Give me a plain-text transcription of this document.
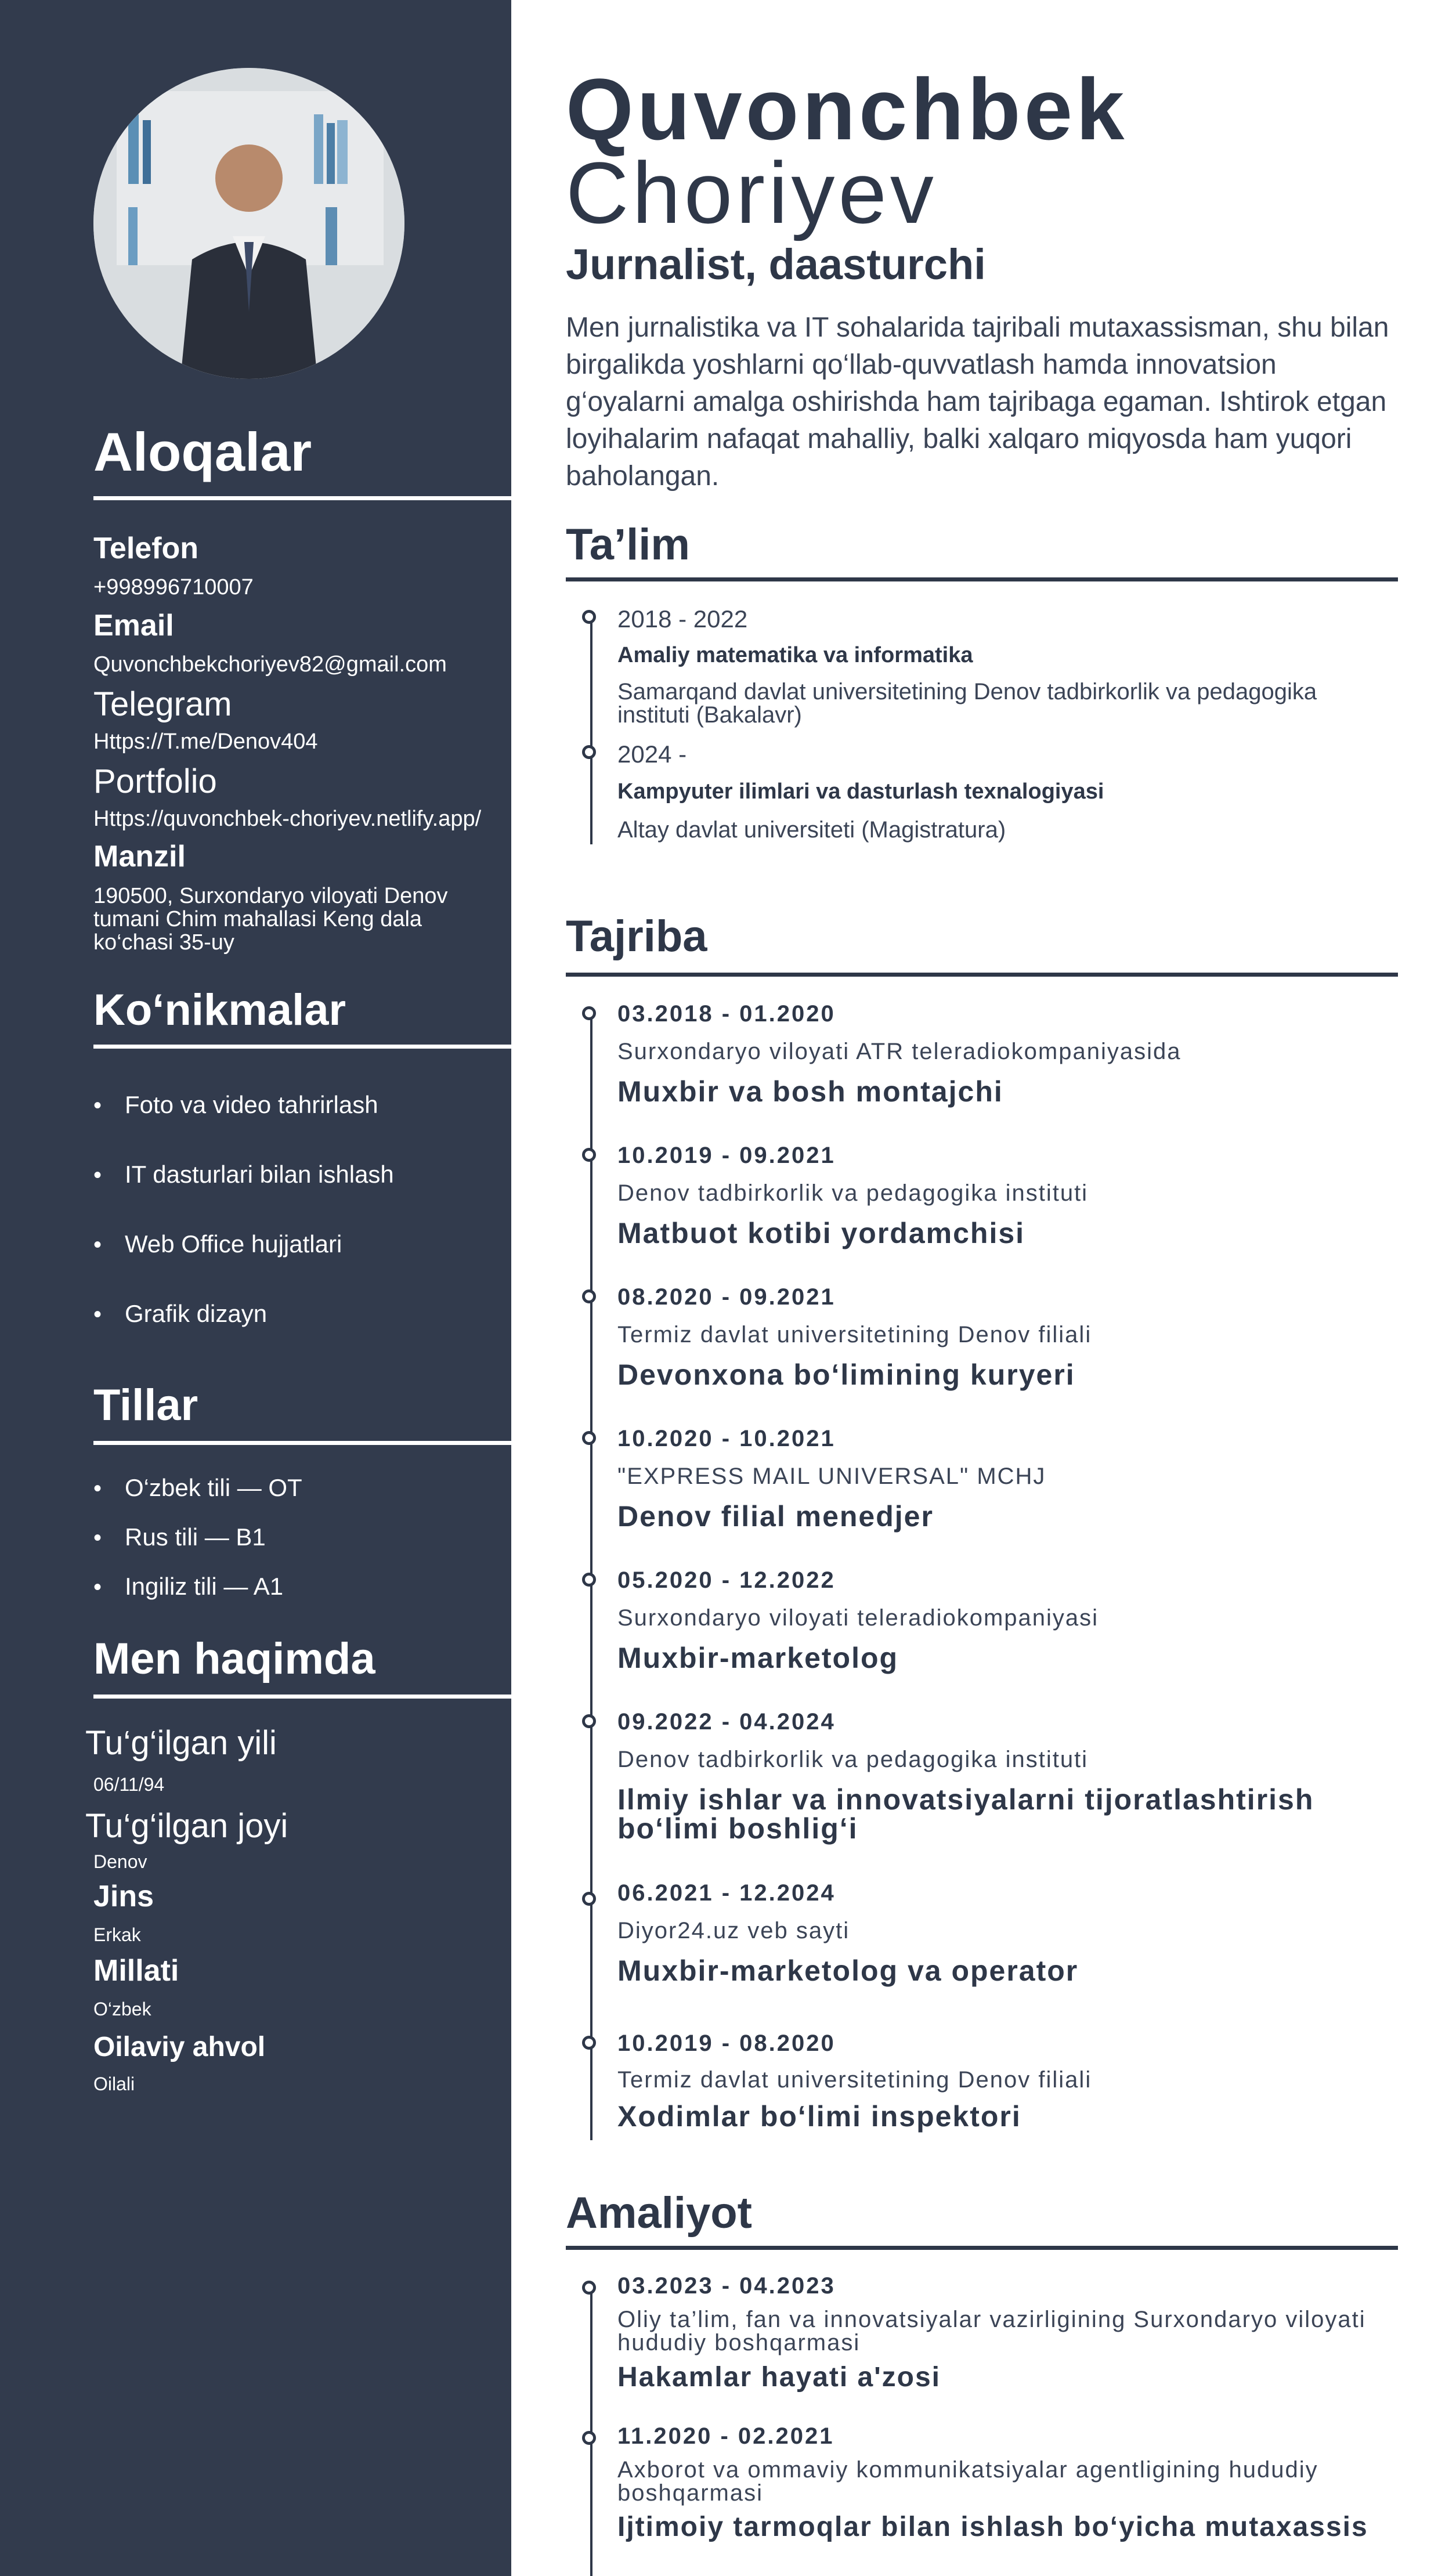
Aloqalar
Telefon
+998996710007
Email
Quvonchbekchoriyev82@gmail.com
Telegram
Https://T.me/Denov404
Portfolio
Https://quvonchbek-choriyev.netlify.app/
Manzil
190500, Surxondaryo viloyati Denov tumani Chim mahallasi Keng dala ko‘chasi 35-uy
Ko‘nikmalar
• Foto va video tahrirlash
• IT dasturlari bilan ishlash
• Web Office hujjatlari
• Grafik dizayn
Tillar
• O‘zbek tili — OT
• Rus tili — B1
• Ingiliz tili — A1
Men haqimda
Tu‘g‘ilgan yili
06/11/94
Tu‘g‘ilgan joyi
Denov
Jins
Erkak
Millati
O‘zbek
Oilaviy ahvol
Oilali
Quvonchbek
Choriyev
Jurnalist, daasturchi
Men jurnalistika va IT sohalarida tajribali mutaxassisman, shu bilan birgalikda yoshlarni qo‘llab-quvvatlash hamda innovatsion g‘oyalarni amalga oshirishda ham tajribaga egaman. Ishtirok etgan loyihalarim nafaqat mahalliy, balki xalqaro miqyosda ham yuqori baholangan.
Ta’lim
2018 - 2022
Amaliy matematika va informatika
Samarqand davlat universitetining Denov tadbirkorlik va pedagogika instituti (Bakalavr)
2024 -
Kampyuter ilimlari va dasturlash texnalogiyasi
Altay davlat universiteti (Magistratura)
Tajriba
03.2018 - 01.2020
Surxondaryo viloyati ATR teleradiokompaniyasida
Muxbir va bosh montajchi
10.2019 - 09.2021
Denov tadbirkorlik va pedagogika instituti
Matbuot kotibi yordamchisi
08.2020 - 09.2021
Termiz davlat universitetining Denov filiali
Devonxona bo‘limining kuryeri
10.2020 - 10.2021
"EXPRESS MAIL UNIVERSAL" MCHJ
Denov filial menedjer
05.2020 - 12.2022
Surxondaryo viloyati teleradiokompaniyasi
Muxbir-marketolog
09.2022 - 04.2024
Denov tadbirkorlik va pedagogika instituti
Ilmiy ishlar va innovatsiyalarni tijoratlashtirish bo‘limi boshlig‘i
06.2021 - 12.2024
Diyor24.uz veb sayti
Muxbir-marketolog va operator
10.2019 - 08.2020
Termiz davlat universitetining Denov filiali
Xodimlar bo‘limi inspektori
Amaliyot
03.2023 - 04.2023
Oliy ta’lim, fan va innovatsiyalar vazirligining Surxondaryo viloyati hududiy boshqarmasi
Hakamlar hayati a'zosi
11.2020 - 02.2021
Axborot va ommaviy kommunikatsiyalar agentligining hududiy boshqarmasi
Ijtimoiy tarmoqlar bilan ishlash bo‘yicha mutaxassis
